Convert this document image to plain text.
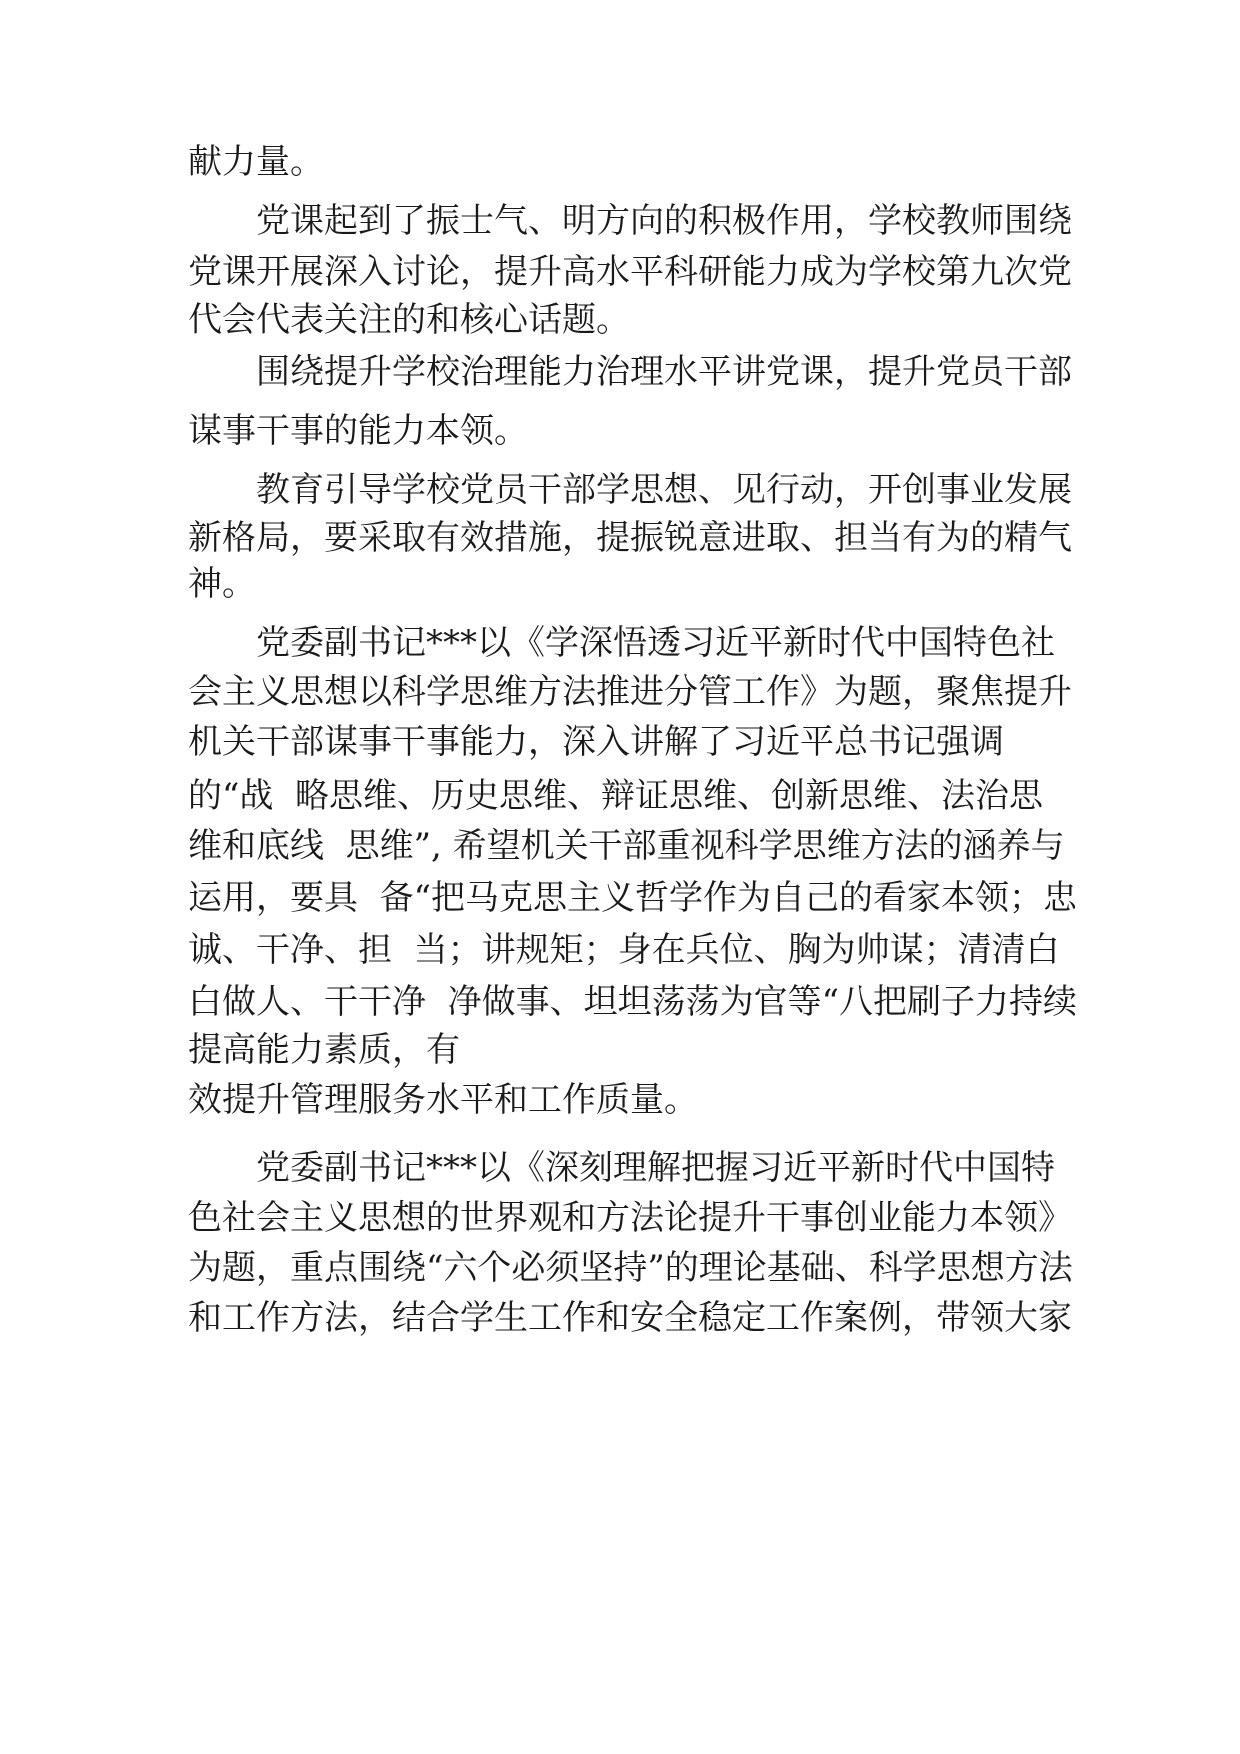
献力量。

党课起到了振士气、明方向的积极作用，学校教师围绕

党课开展深入讨论，提升高水平科研能力成为学校第九次党

代会代表关注的和核心话题。

围绕提升学校治理能力治理水平讲党课，提升党员干部

谋事干事的能力本领。

教育引导学校党员干部学思想、见行动，开创事业发展

新格局，要采取有效措施，提振锐意进取、担当有为的精气

神。

党委副书记***以《学深悟透习近平新时代中国特色社

会主义思想以科学思维方法推进分管工作》为题，聚焦提升

机关干部谋事干事能力，深入讲解了习近平总书记强调

的“战  略思维、历史思维、辩证思维、创新思维、法治思

维和底线  思维”, 希望机关干部重视科学思维方法的涵养与

运用，要具  备“把马克思主义哲学作为自己的看家本领；忠

诚、干净、担  当；讲规矩；身在兵位、胸为帅谋；清清白

白做人、干干净  净做事、坦坦荡荡为官等“八把刷子力持续

提高能力素质，有

效提升管理服务水平和工作质量。

党委副书记***以《深刻理解把握习近平新时代中国特

色社会主义思想的世界观和方法论提升干事创业能力本领》

为题，重点围绕“六个必须坚持”的理论基础、科学思想方法

和工作方法，结合学生工作和安全稳定工作案例，带领大家
